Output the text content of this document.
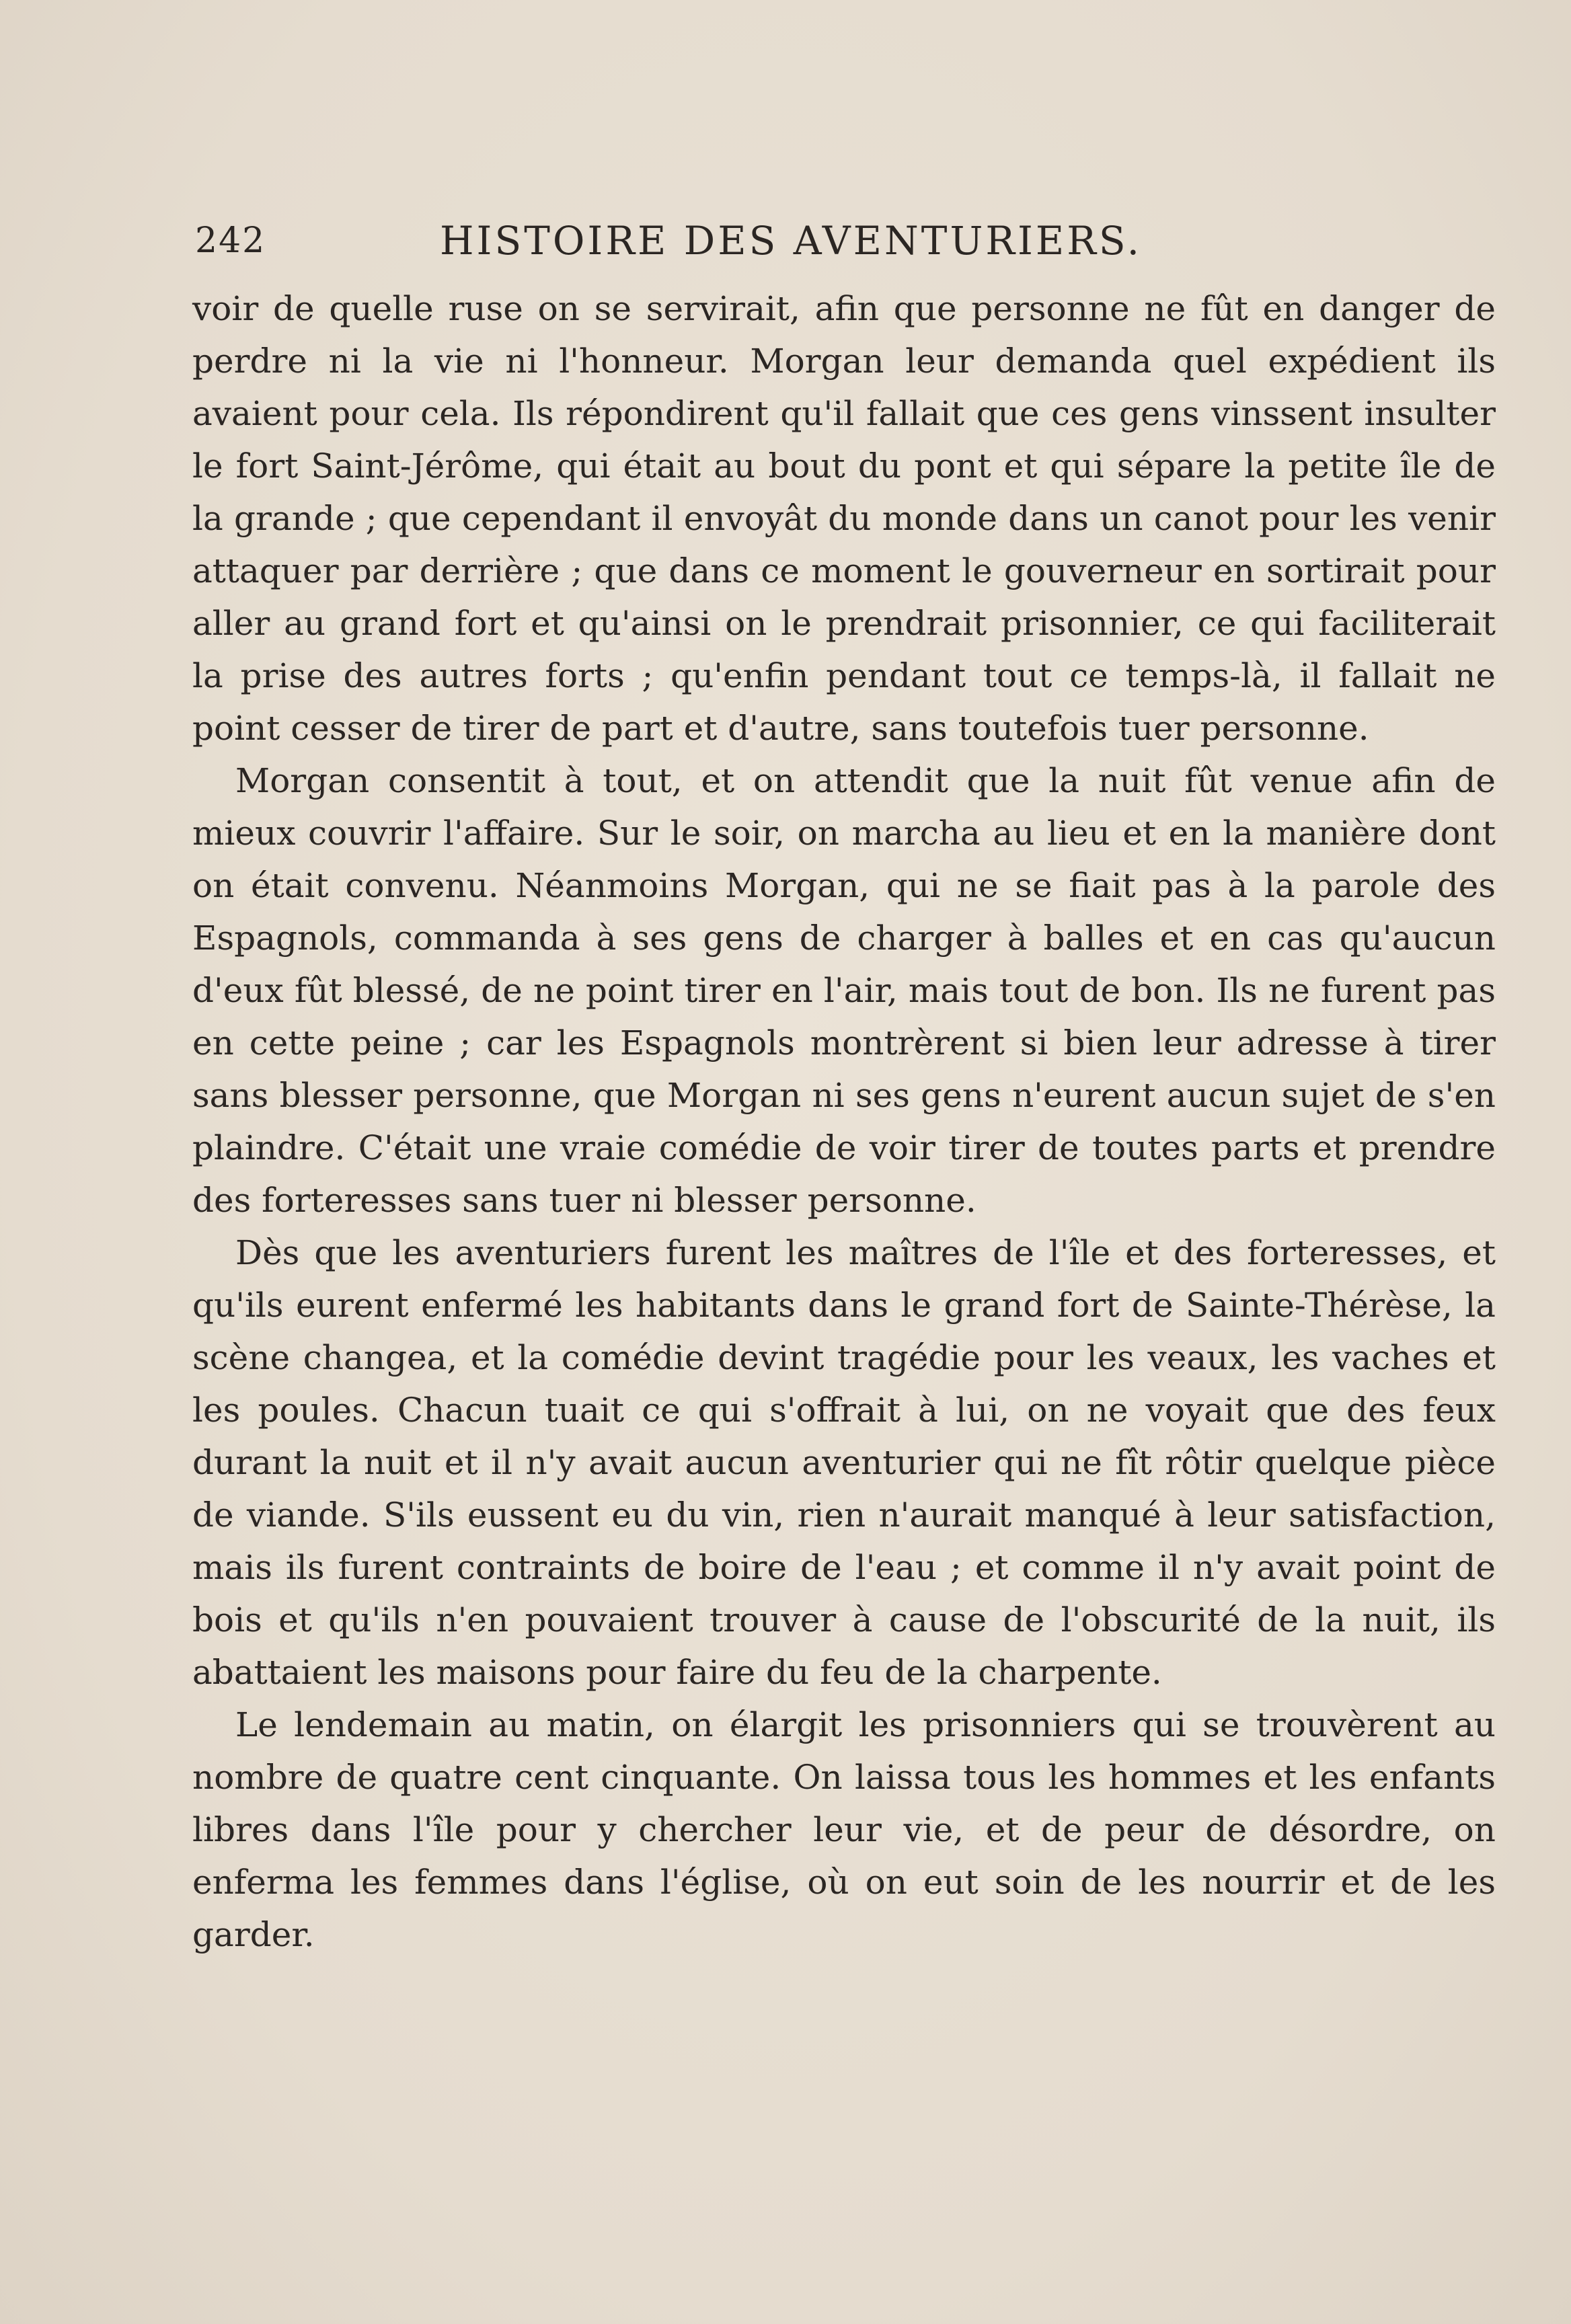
242	HISTOIRE DES AVENTURIERS.

voir de quelle ruse on se servirait, afin que personne ne fût en danger de perdre ni la vie ni l'honneur. Morgan leur demanda quel expédient ils avaient pour cela. Ils répondirent qu'il fallait que ces gens vinssent insulter le fort Saint-Jérôme, qui était au bout du pont et qui sépare la petite île de la grande ; que cependant il envoyât du monde dans un canot pour les venir attaquer par derrière ; que dans ce moment le gouverneur en sortirait pour aller au grand fort et qu'ainsi on le prendrait prisonnier, ce qui faciliterait la prise des autres forts ; qu'enfin pendant tout ce temps-là, il fallait ne point cesser de tirer de part et d'autre, sans toutefois tuer personne.

Morgan consentit à tout, et on attendit que la nuit fût venue afin de mieux couvrir l'affaire. Sur le soir, on marcha au lieu et en la manière dont on était convenu. Néanmoins Morgan, qui ne se fiait pas à la parole des Espagnols, commanda à ses gens de charger à balles et en cas qu'aucun d'eux fût blessé, de ne point tirer en l'air, mais tout de bon. Ils ne furent pas en cette peine ; car les Espagnols montrèrent si bien leur adresse à tirer sans blesser personne, que Morgan ni ses gens n'eurent aucun sujet de s'en plaindre. C'était une vraie comédie de voir tirer de toutes parts et prendre des forteresses sans tuer ni blesser personne.

Dès que les aventuriers furent les maîtres de l'île et des forteresses, et qu'ils eurent enfermé les habitants dans le grand fort de Sainte-Thérèse, la scène changea, et la comédie devint tragédie pour les veaux, les vaches et les poules. Chacun tuait ce qui s'offrait à lui, on ne voyait que des feux durant la nuit et il n'y avait aucun aventurier qui ne fît rôtir quelque pièce de viande. S'ils eussent eu du vin, rien n'aurait manqué à leur satisfaction, mais ils furent contraints de boire de l'eau ; et comme il n'y avait point de bois et qu'ils n'en pouvaient trouver à cause de l'obscurité de la nuit, ils abattaient les maisons pour faire du feu de la charpente.

Le lendemain au matin, on élargit les prisonniers qui se trouvèrent au nombre de quatre cent cinquante. On laissa tous les hommes et les enfants libres dans l'île pour y chercher leur vie, et de peur de désordre, on enferma les femmes dans l'église, où on eut soin de les nourrir et de les garder.
